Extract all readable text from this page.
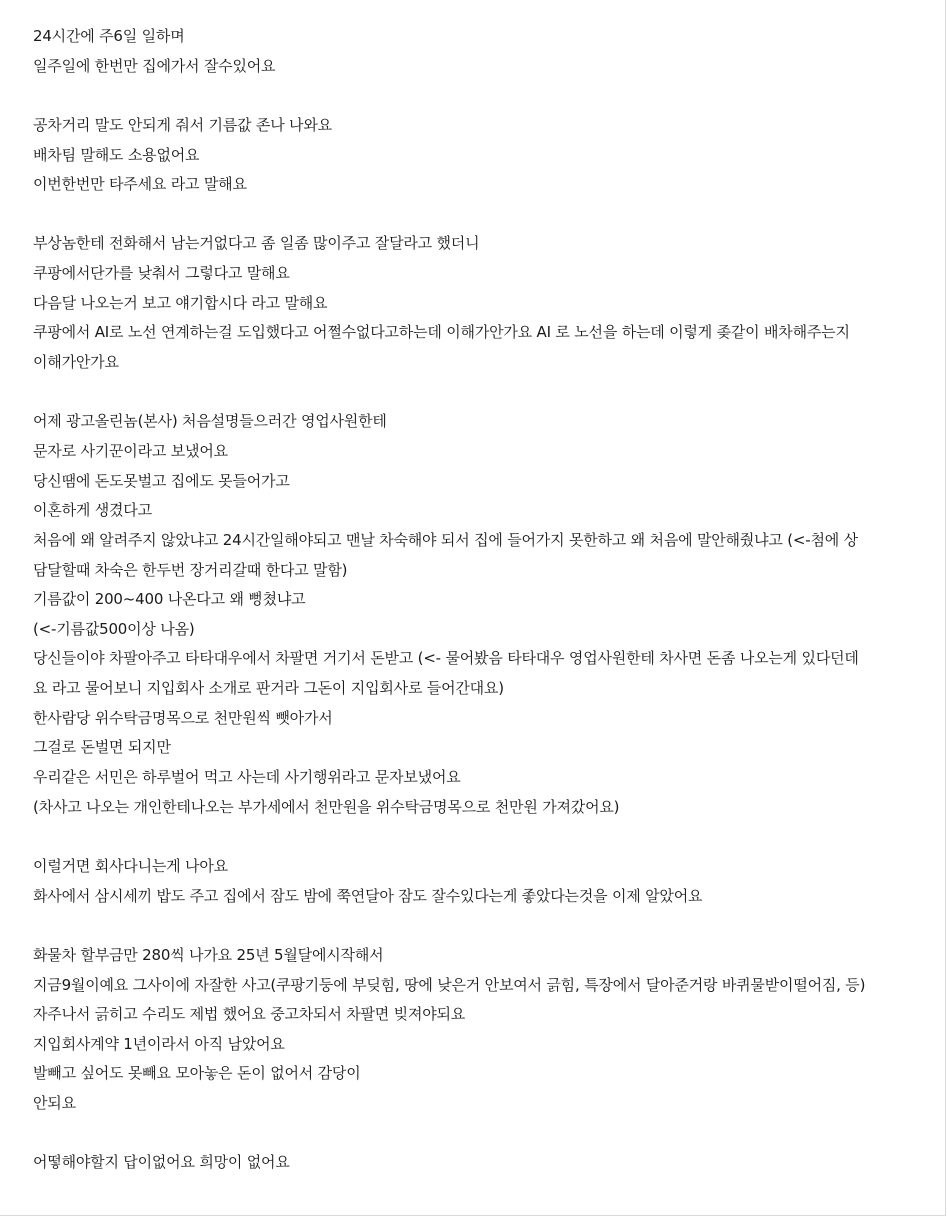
24시간에 주6일 일하며
일주일에 한번만 집에가서 잘수있어요
공차거리 말도 안되게 줘서 기름값 존나 나와요
배차팀 말해도 소용없어요
이번한번만 타주세요 라고 말해요
부상놈한테 전화해서 남는거없다고 좀 일좀 많이주고 잘달라고 했더니
쿠팡에서단가를 낮춰서 그렇다고 말해요
다음달 나오는거 보고 얘기합시다 라고 말해요
쿠팡에서 AI로 노선 연계하는걸 도입했다고 어쩔수없다고하는데 이해가안가요 AI 로 노선을 하는데 이렇게 좆같이 배차해주는지
이해가안가요
어제 광고올린놈(본사) 처음설명들으러간 영업사원한테
문자로 사기꾼이라고 보냈어요
당신땜에 돈도못벌고 집에도 못들어가고
이혼하게 생겼다고
처음에 왜 알려주지 않았냐고 24시간일해야되고 맨날 차숙해야 되서 집에 들어가지 못한하고 왜 처음에 말안해줬냐고 (<-첨에 상
담달할때 차숙은 한두번 장거리갈때 한다고 말함)
기름값이 200~400 나온다고 왜 뻥쳤냐고
(<-기름값500이상 나옴)
당신들이야 차팔아주고 타타대우에서 차팔면 거기서 돈받고 (<- 물어봤음 타타대우 영업사원한테 차사면 돈좀 나오는게 있다던데
요 라고 물어보니 지입회사 소개로 판거라 그돈이 지입회사로 들어간대요)
한사람당 위수탁금명목으로 천만원씩 뺏아가서
그걸로 돈벌면 되지만
우리같은 서민은 하루벌어 먹고 사는데 사기행위라고 문자보냈어요
(차사고 나오는 개인한테나오는 부가세에서 천만원을 위수탁금명목으로 천만원 가져갔어요)
이럴거면 회사다니는게 나아요
화사에서 삼시세끼 밥도 주고 집에서 잠도 밤에 쭉연달아 잠도 잘수있다는게 좋았다는것을 이제 알았어요
화물차 할부금만 280씩 나가요 25년 5월달에시작해서
지금9월이예요 그사이에 자잘한 사고(쿠팡기둥에 부딪힘, 땅에 낮은거 안보여서 긁힘, 특장에서 달아준거랑 바퀴물받이떨어짐, 등)
자주나서 긁히고 수리도 제법 했어요 중고차되서 차팔면 빚져야되요
지입회사계약 1년이라서 아직 남았어요
발빼고 싶어도 못빼요 모아놓은 돈이 없어서 감당이
안되요
어떻해야할지 답이없어요 희망이 없어요
